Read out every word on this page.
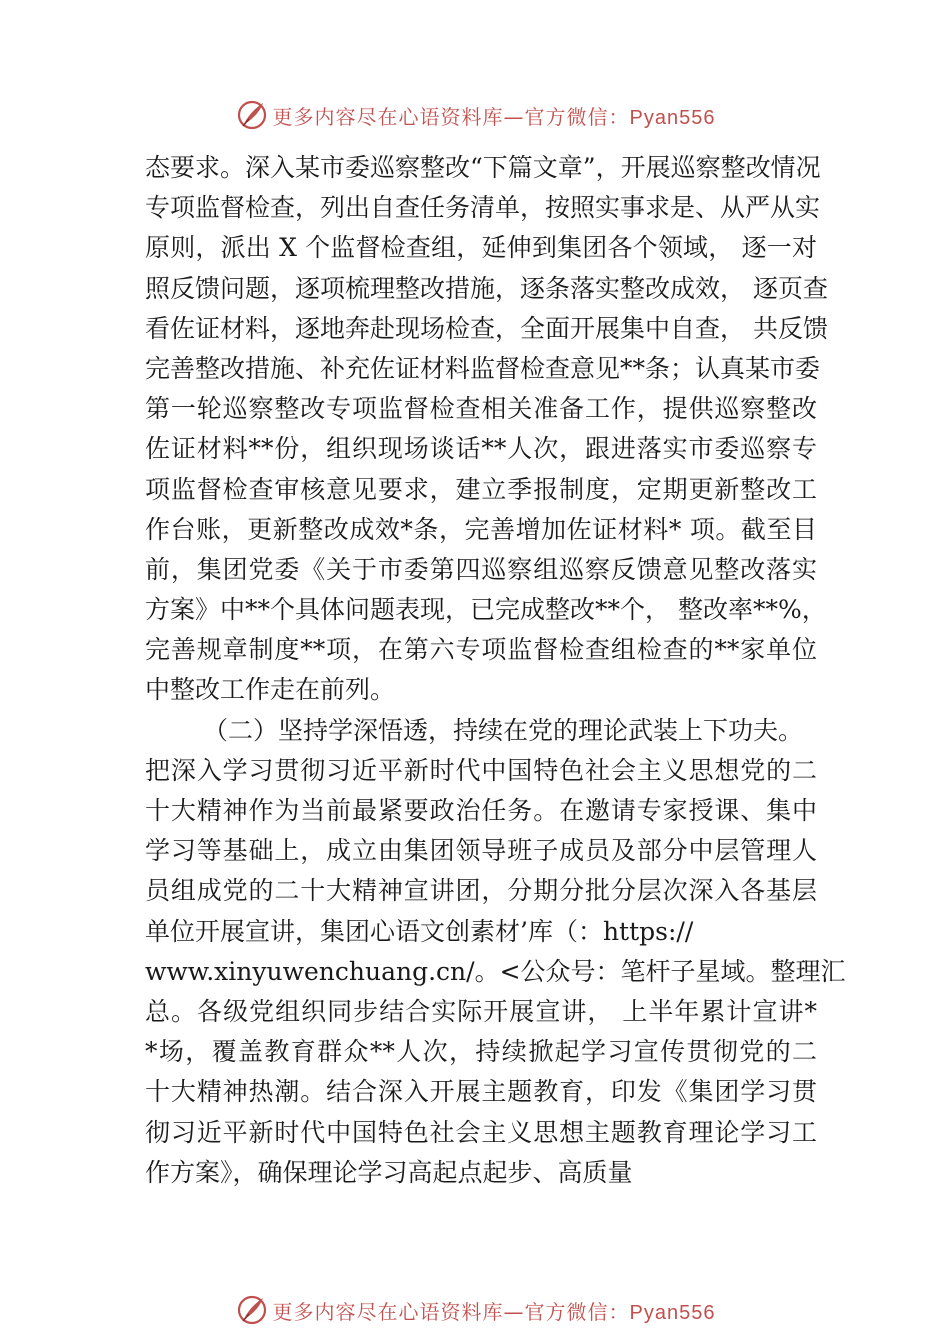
更多内容尽在心语资料库—官方微信：Pyan556
态要求。深入某市委巡察整改“下篇文章”，开展巡察整改情况
专项监督检查，列出自查任务清单，按照实事求是、从严从实
原则，派出 X 个监督检查组，延伸到集团各个领域， 逐一对
照反馈问题，逐项梳理整改措施，逐条落实整改成效， 逐页查
看佐证材料，逐地奔赴现场检查，全面开展集中自查， 共反馈
完善整改措施、补充佐证材料监督检查意见**条；认真某市委
第一轮巡察整改专项监督检查相关准备工作，提供巡察整改
佐证材料**份，组织现场谈话**人次，跟进落实市委巡察专
项监督检查审核意见要求，建立季报制度，定期更新整改工
作台账，更新整改成效*条，完善增加佐证材料* 项。截至目
前，集团党委《关于市委第四巡察组巡察反馈意见整改落实
方案》中**个具体问题表现，已完成整改**个， 整改率**%，
完善规章制度**项，在第六专项监督检查组检查的**家单位
中整改工作走在前列。
（二）坚持学深悟透，持续在党的理论武装上下功夫。
把深入学习贯彻习近平新时代中国特色社会主义思想党的二
十大精神作为当前最紧要政治任务。在邀请专家授课、集中
学习等基础上，成立由集团领导班子成员及部分中层管理人
员组成党的二十大精神宣讲团，分期分批分层次深入各基层
单位开展宣讲，集团心语文创素材’库（：https://
www.xinyuwenchuang.cn/。<公众号：笔杆子星域。整理汇
总。各级党组织同步结合实际开展宣讲， 上半年累计宣讲*
*场，覆盖教育群众**人次，持续掀起学习宣传贯彻党的二
十大精神热潮。结合深入开展主题教育，印发《集团学习贯
彻习近平新时代中国特色社会主义思想主题教育理论学习工
作方案》，确保理论学习高起点起步、高质量
更多内容尽在心语资料库—官方微信：Pyan556
